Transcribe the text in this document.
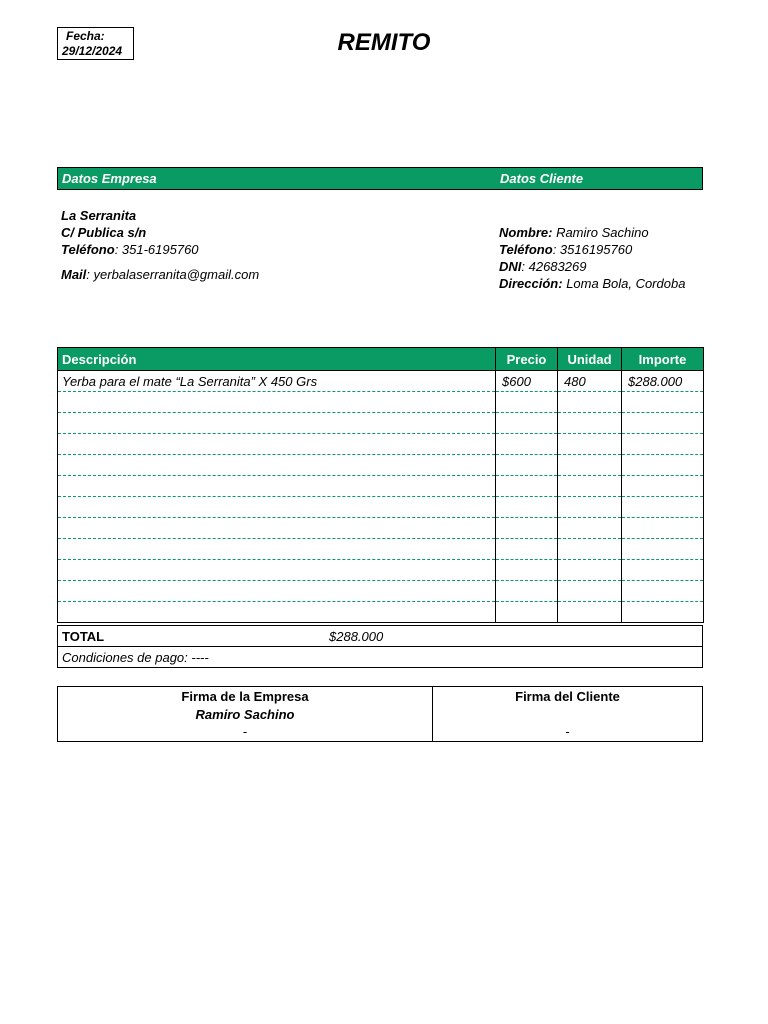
Fecha:
29/12/2024	REMITO
Datos Empresa	Datos Cliente
La Serranita
C/ Publica s/n
Teléfono: 351-6195760
Mail: yerbalaserranita@gmail.com
Nombre: Ramiro Sachino
Teléfono: 3516195760
DNI: 42683269
Dirección: Loma Bola, Cordoba
Descripción	Precio	Unidad	Importe
Yerba para el mate “La Serranita” X 450 Grs	$600	480	$288.000

TOTAL	$288.000
Condiciones de pago: ----
Firma de la Empresa
Ramiro Sachino
-
Firma del Cliente
-
